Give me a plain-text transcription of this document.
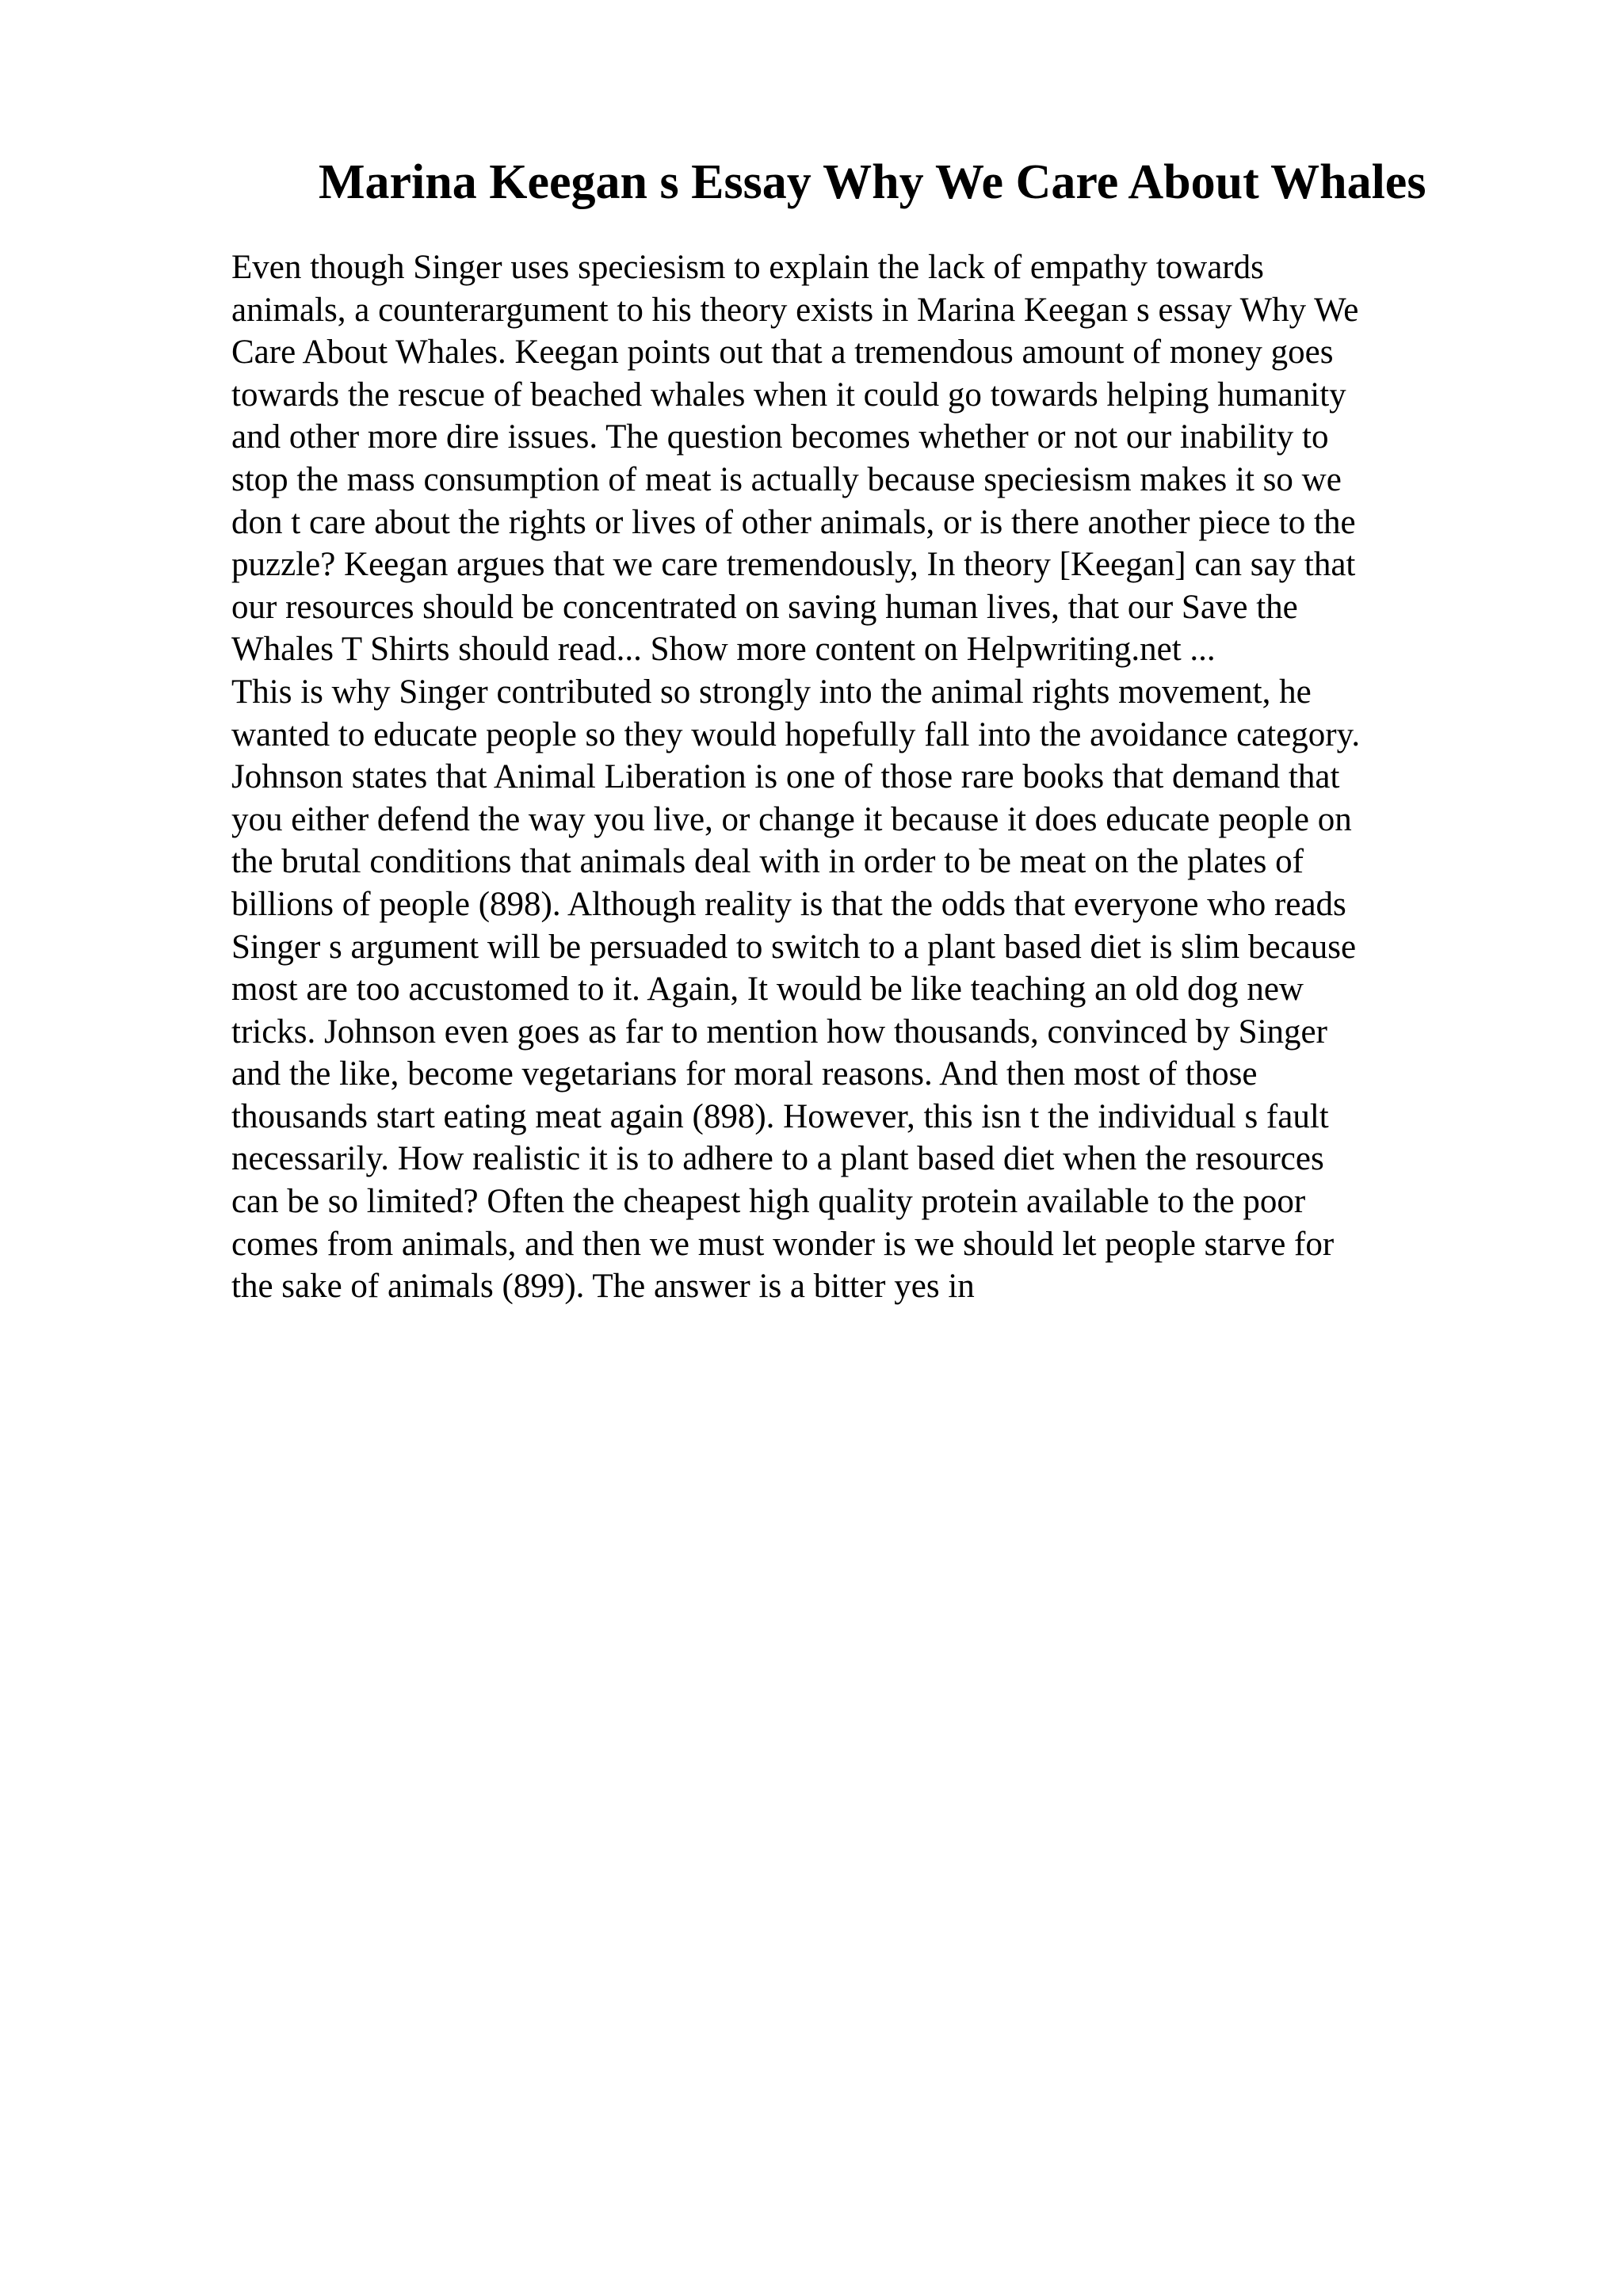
Marina Keegan s Essay Why We Care About Whales
Even though Singer uses speciesism to explain the lack of empathy towards
animals, a counterargument to his theory exists in Marina Keegan s essay Why We
Care About Whales. Keegan points out that a tremendous amount of money goes
towards the rescue of beached whales when it could go towards helping humanity
and other more dire issues. The question becomes whether or not our inability to
stop the mass consumption of meat is actually because speciesism makes it so we
don t care about the rights or lives of other animals, or is there another piece to the
puzzle? Keegan argues that we care tremendously, In theory [Keegan] can say that
our resources should be concentrated on saving human lives, that our Save the
Whales T Shirts should read... Show more content on Helpwriting.net ...
This is why Singer contributed so strongly into the animal rights movement, he
wanted to educate people so they would hopefully fall into the avoidance category.
Johnson states that Animal Liberation is one of those rare books that demand that
you either defend the way you live, or change it because it does educate people on
the brutal conditions that animals deal with in order to be meat on the plates of
billions of people (898). Although reality is that the odds that everyone who reads
Singer s argument will be persuaded to switch to a plant based diet is slim because
most are too accustomed to it. Again, It would be like teaching an old dog new
tricks. Johnson even goes as far to mention how thousands, convinced by Singer
and the like, become vegetarians for moral reasons. And then most of those
thousands start eating meat again (898). However, this isn t the individual s fault
necessarily. How realistic it is to adhere to a plant based diet when the resources
can be so limited? Often the cheapest high quality protein available to the poor
comes from animals, and then we must wonder is we should let people starve for
the sake of animals (899). The answer is a bitter yes in
